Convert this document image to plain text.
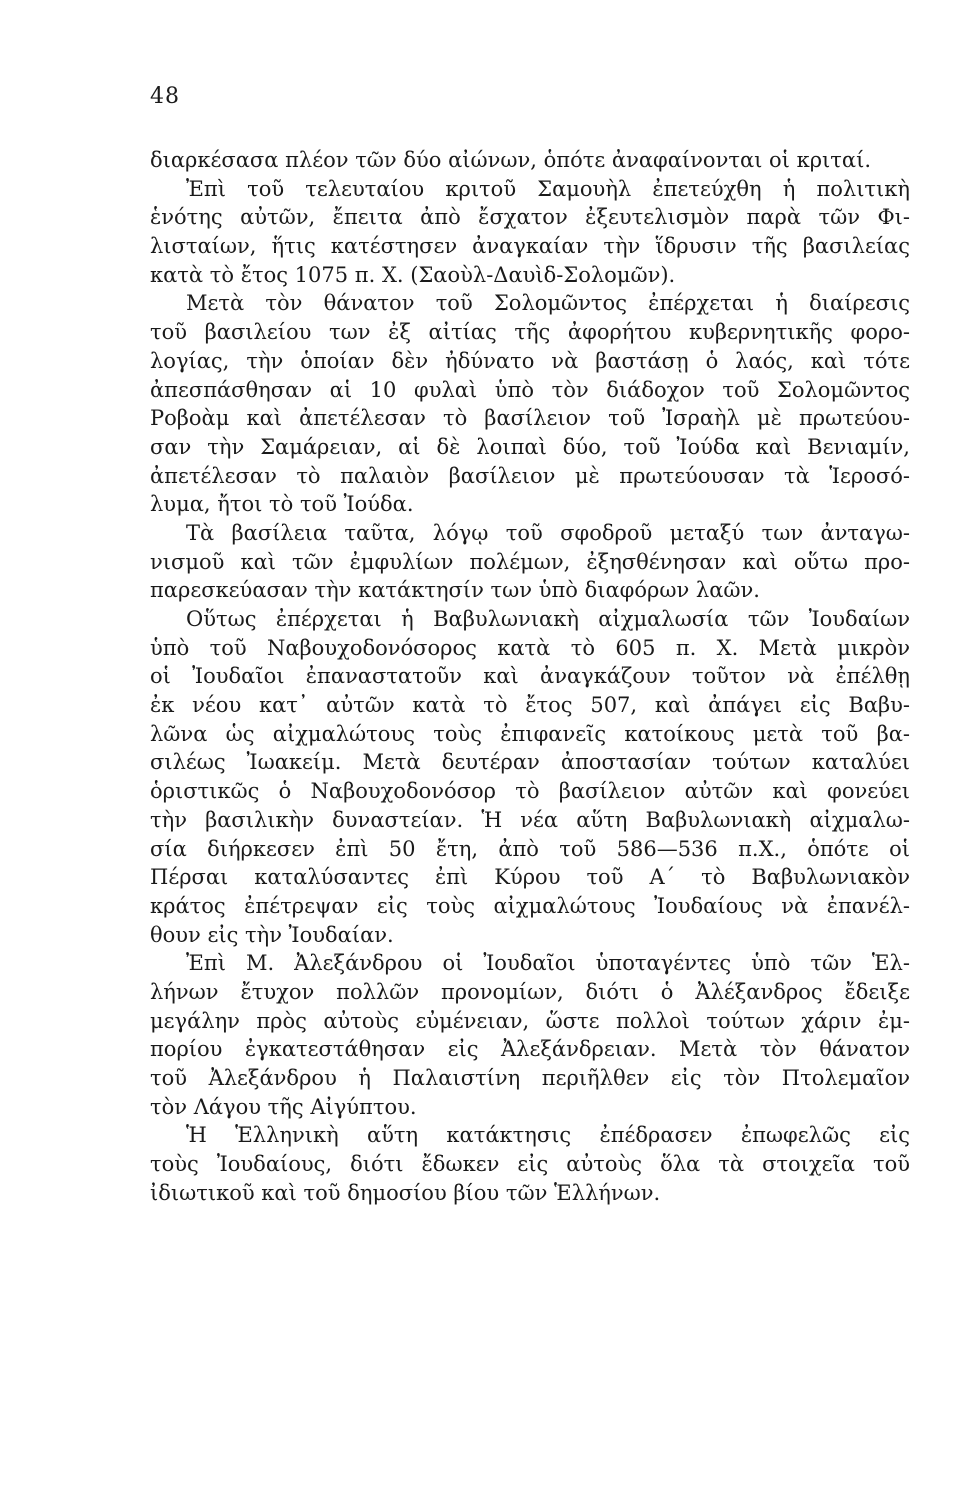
48
διαρκέσασα πλέον τῶν δύο αἰώνων, ὁπότε ἀναφαίνονται οἱ κριταί.
Ἐπὶ τοῦ τελευταίου κριτοῦ Σαμουὴλ ἐπετεύχθη ἡ πολιτικὴ
ἑνότης αὐτῶν, ἔπειτα ἀπὸ ἔσχατον ἐξευτελισμὸν παρὰ τῶν Φι-
λισταίων, ἥτις κατέστησεν ἀναγκαίαν τὴν ἵδρυσιν τῆς βασιλείας
κατὰ τὸ ἔτος 1075 π. Χ. (Σαοὺλ-Δαυὶδ-Σολομῶν).
Μετὰ τὸν θάνατον τοῦ Σολομῶντος ἐπέρχεται ἡ διαίρεσις
τοῦ βασιλείου των ἐξ αἰτίας τῆς ἀφορήτου κυβερνητικῆς φορο-
λογίας, τὴν ὁποίαν δὲν ἠδύνατο νὰ βαστάσῃ ὁ λαός, καὶ τότε
ἀπεσπάσθησαν αἱ 10 φυλαὶ ὑπὸ τὸν διάδοχον τοῦ Σολομῶντος
Ροβοὰμ καὶ ἀπετέλεσαν τὸ βασίλειον τοῦ Ἰσραὴλ μὲ πρωτεύου-
σαν τὴν Σαμάρειαν, αἱ δὲ λοιπαὶ δύο, τοῦ Ἰούδα καὶ Βενιαμίν,
ἀπετέλεσαν τὸ παλαιὸν βασίλειον μὲ πρωτεύουσαν τὰ Ἱεροσό-
λυμα, ἤτοι τὸ τοῦ Ἰούδα.
Τὰ βασίλεια ταῦτα, λόγῳ τοῦ σφοδροῦ μεταξύ των ἀνταγω-
νισμοῦ καὶ τῶν ἐμφυλίων πολέμων, ἐξησθένησαν καὶ οὕτω προ-
παρεσκεύασαν τὴν κατάκτησίν των ὑπὸ διαφόρων λαῶν.
Οὕτως ἐπέρχεται ἡ Βαβυλωνιακὴ αἰχμαλωσία τῶν Ἰουδαίων
ὑπὸ τοῦ Ναβουχοδονόσορος κατὰ τὸ 605 π. Χ. Μετὰ μικρὸν
οἱ Ἰουδαῖοι ἐπαναστατοῦν καὶ ἀναγκάζουν τοῦτον νὰ ἐπέλθῃ
ἐκ νέου κατ᾽ αὐτῶν κατὰ τὸ ἔτος 507, καὶ ἀπάγει εἰς Βαβυ-
λῶνα ὡς αἰχμαλώτους τοὺς ἐπιφανεῖς κατοίκους μετὰ τοῦ βα-
σιλέως Ἰωακείμ. Μετὰ δευτέραν ἀποστασίαν τούτων καταλύει
ὁριστικῶς ὁ Ναβουχοδονόσορ τὸ βασίλειον αὐτῶν καὶ φονεύει
τὴν βασιλικὴν δυναστείαν. Ἡ νέα αὕτη Βαβυλωνιακὴ αἰχμαλω-
σία διήρκεσεν ἐπὶ 50 ἔτη, ἀπὸ τοῦ 586—536 π.Χ., ὁπότε οἱ
Πέρσαι καταλύσαντες ἐπὶ Κύρου τοῦ Α΄ τὸ Βαβυλωνιακὸν
κράτος ἐπέτρεψαν εἰς τοὺς αἰχμαλώτους Ἰουδαίους νὰ ἐπανέλ-
θουν εἰς τὴν Ἰουδαίαν.
Ἐπὶ Μ. Ἀλεξάνδρου οἱ Ἰουδαῖοι ὑποταγέντες ὑπὸ τῶν Ἑλ-
λήνων ἔτυχον πολλῶν προνομίων, διότι ὁ Ἀλέξανδρος ἔδειξε
μεγάλην πρὸς αὐτοὺς εὐμένειαν, ὥστε πολλοὶ τούτων χάριν ἐμ-
πορίου ἐγκατεστάθησαν εἰς Ἀλεξάνδρειαν. Μετὰ τὸν θάνατον
τοῦ Ἀλεξάνδρου ἡ Παλαιστίνη περιῆλθεν εἰς τὸν Πτολεμαῖον
τὸν Λάγου τῆς Αἰγύπτου.
Ἡ Ἑλληνικὴ αὕτη κατάκτησις ἐπέδρασεν ἐπωφελῶς εἰς
τοὺς Ἰουδαίους, διότι ἔδωκεν εἰς αὐτοὺς ὅλα τὰ στοιχεῖα τοῦ
ἰδιωτικοῦ καὶ τοῦ δημοσίου βίου τῶν Ἑλλήνων.
